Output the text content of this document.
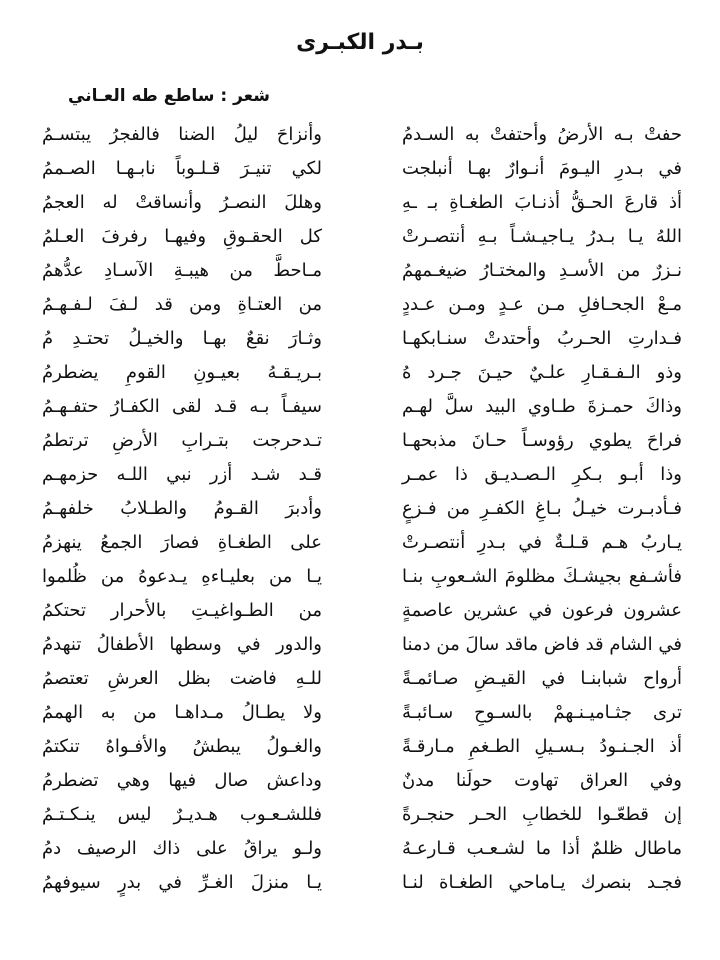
بـدر الكبـرى
شعر : ساطع طه العـاني
حفتْ بـه الأرضُ وأحتفتْ به السـدمُ
وأنزاحَ ليلُ الضنا فالفجرُ يبتسـمُ
في بـدرِ اليـومَ أنـوارٌ بهـا أنبلجت
لكي تنيـرَ قـلـوباً نابـهـا الصـممُ
أذ قارعَ الحـقُّ أذنـابَ الطغـاةِ بـ ـهِ
وهللَ النصـرُ وأنساقتْ له العجمُ
اللهُ يـا بـدرُ يـاجيـشـاً بـهِ أنتصـرتْ
كل الحقـوقِ وفيهـا رفرفَ العـلمُ
نـزرٌ من الأسـدِ والمختـارُ ضيغـمهمُ
مـاحطَّ من هيبـةِ الآسـادِ عدُّهمُ
مـعْ الجحـافلِ مـن عـدٍ ومـن عـددٍ
من العتـاةِ ومن قد لـفَ لـفـهـمُ
فـدارتِ الحـربُ وأحتدتْ سنـابكهـا
وثـارَ نقعٌ بهـا والخيـلُ تحتـدِ مُ
وذو الـفـقـارِ علـيٌ حيـنَ جـرد هُ
بـريـقـهُ بعيـونِ القومِ يضطرمُ
وذاكَ حمـزةَ طـاوي البيد سلَّ لهـم
سيفـاً بـه قـد لقى الكفـارُ حتفـهـمُ
فراحَ يطوي رؤوسـاً حـانَ مذبحهـا
تـدحرجت بتـرابِ الأرضِ ترتطمُ
وذا أبـو بـكرِ الـصـديـق ذا عمـر
قـد شـد أزر نبي اللـه حزمهـم
فـأدبـرت خيـلُ بـاغِ الكفـرِ من فـزعٍ
وأدبرَ القـومُ والطـلابُ خلفهـمُ
يـاربُ هـم قـلـةٌ في بـدرِ أنتصـرتْ
على الطغـاةِ فصارَ الجمعُ ينهزمُ
فأشـفع بجيشـكَ مظلومَ الشـعوبِ بنـا
يـا من بعليـاءهِ يـدعوهُ من ظُلموا
عشرون فرعون في عشرين عاصمةٍ
من الطـواغيـتِ بالأحرار تحتكمُ
في الشام قد فاض ماقد سالَ من دمنا
والدور في وسطها الأطفالُ تنهدمُ
أرواح شبابنـا في القيـضِ صـائمـةً
للـهِ فاضت بظل العرشِ تعتصمُ
ترى جثـاميـنـهمْ بالسـوحِ سـائبـةً
ولا يطـالُ مـداهـا من به الهممُ
أذ الجـنـودُ بـسـيلِ الطـغمِ مـارقـةً
والغـولُ يبطشُ والأفـواهُ تنكتمُ
وفي العراق تهاوت حولَنا مدنٌ
وداعش صال فيها وهي تضطرمُ
إن قطعّـوا للخطابِ الحـر حنجـرةً
فللشـعـوب هـديـرٌ ليس ينـكـتـمُ
ماطال ظلمٌ أذا ما لشـعـب قـارعـهُ
ولـو يراقُ على ذاك الرصيف دمُ
فجـد بنصرك يـاماحي الطغـاة لنـا
يـا منزلَ الغـرِّ في بدرٍ سيوفهمُ
